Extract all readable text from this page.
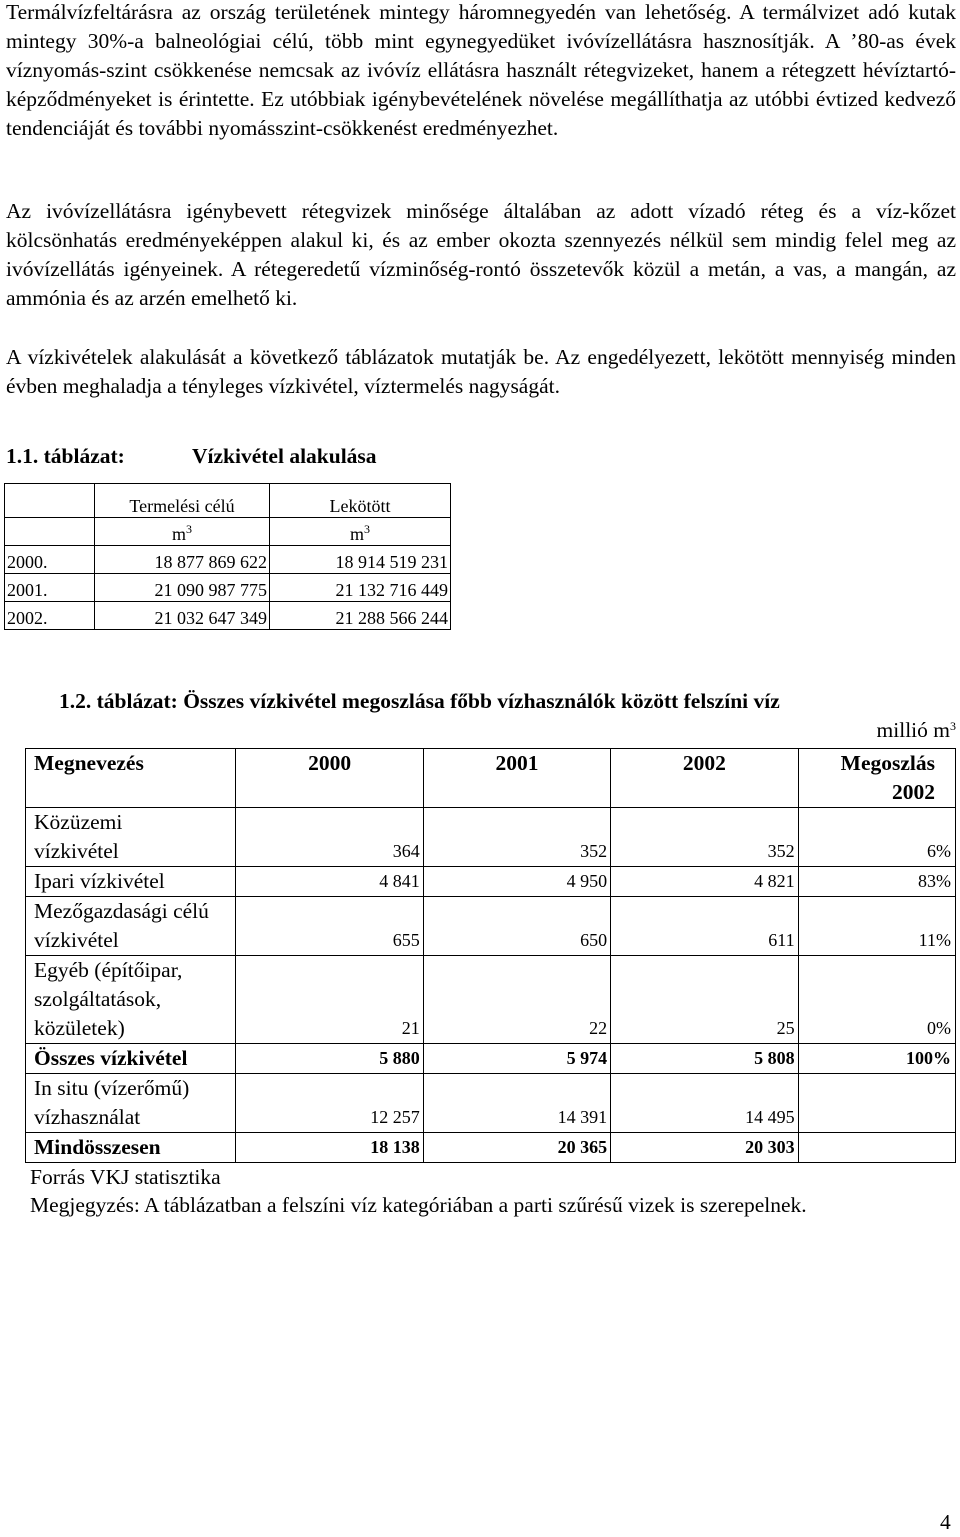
Termálvízfeltárásra az ország területének mintegy háromnegyedén van lehetőség. A termálvizet adó kutak mintegy 30%-a balneológiai célú, több mint egynegyedüket ivóvízellátásra hasznosítják. A ’80-as évek víznyomás-szint csökkenése nemcsak az ivóvíz ellátásra használt rétegvizeket, hanem a rétegzett hévíztartó-képződményeket is érintette. Ez utóbbiak igénybevételének növelése megállíthatja az utóbbi évtized kedvező tendenciáját és további nyomásszint-csökkenést eredményezhet.

Az ivóvízellátásra igénybevett rétegvizek minősége általában az adott vízadó réteg és a víz-kőzet kölcsönhatás eredményeképpen alakul ki, és az ember okozta szennyezés nélkül sem mindig felel meg az ivóvízellátás igényeinek. A rétegeredetű vízminőség-rontó összetevők közül a metán, a vas, a mangán, az ammónia és az arzén emelhető ki.

A vízkivételek alakulását a következő táblázatok mutatják be. Az engedélyezett, lekötött mennyiség minden évben meghaladja a tényleges vízkivétel, víztermelés nagyságát.

1.1. táblázat:	Vízkivétel alakulása
	Termelési célú	Lekötött
	$m^3$	$m^3$
2000.	18 877 869 622	18 914 519 231
2001.	21 090 987 775	21 132 716 449
2002.	21 032 647 349	21 288 566 244
1.2. táblázat: Összes vízkivétel megoszlása főbb vízhasználók között felszíni víz
millió $m^3$
Megnevezés	2000	2001	2002	Megoszlás
2002
Közüzemi
vízkivétel	364	352	352	6%
Ipari vízkivétel	4 841	4 950	4 821	83%
Mezőgazdasági célú
vízkivétel	655	650	611	11%
Egyéb (építőipar,
szolgáltatások,
közületek)	21	22	25	0%
Összes vízkivétel	5 880	5 974	5 808	100%
In situ (vízerőmű)
vízhasználat	12 257	14 391	14 495	
Mindösszesen	18 138	20 365	20 303	
Forrás VKJ statisztika
Megjegyzés: A táblázatban a felszíni víz kategóriában a parti szűrésű vizek is szerepelnek.
4
